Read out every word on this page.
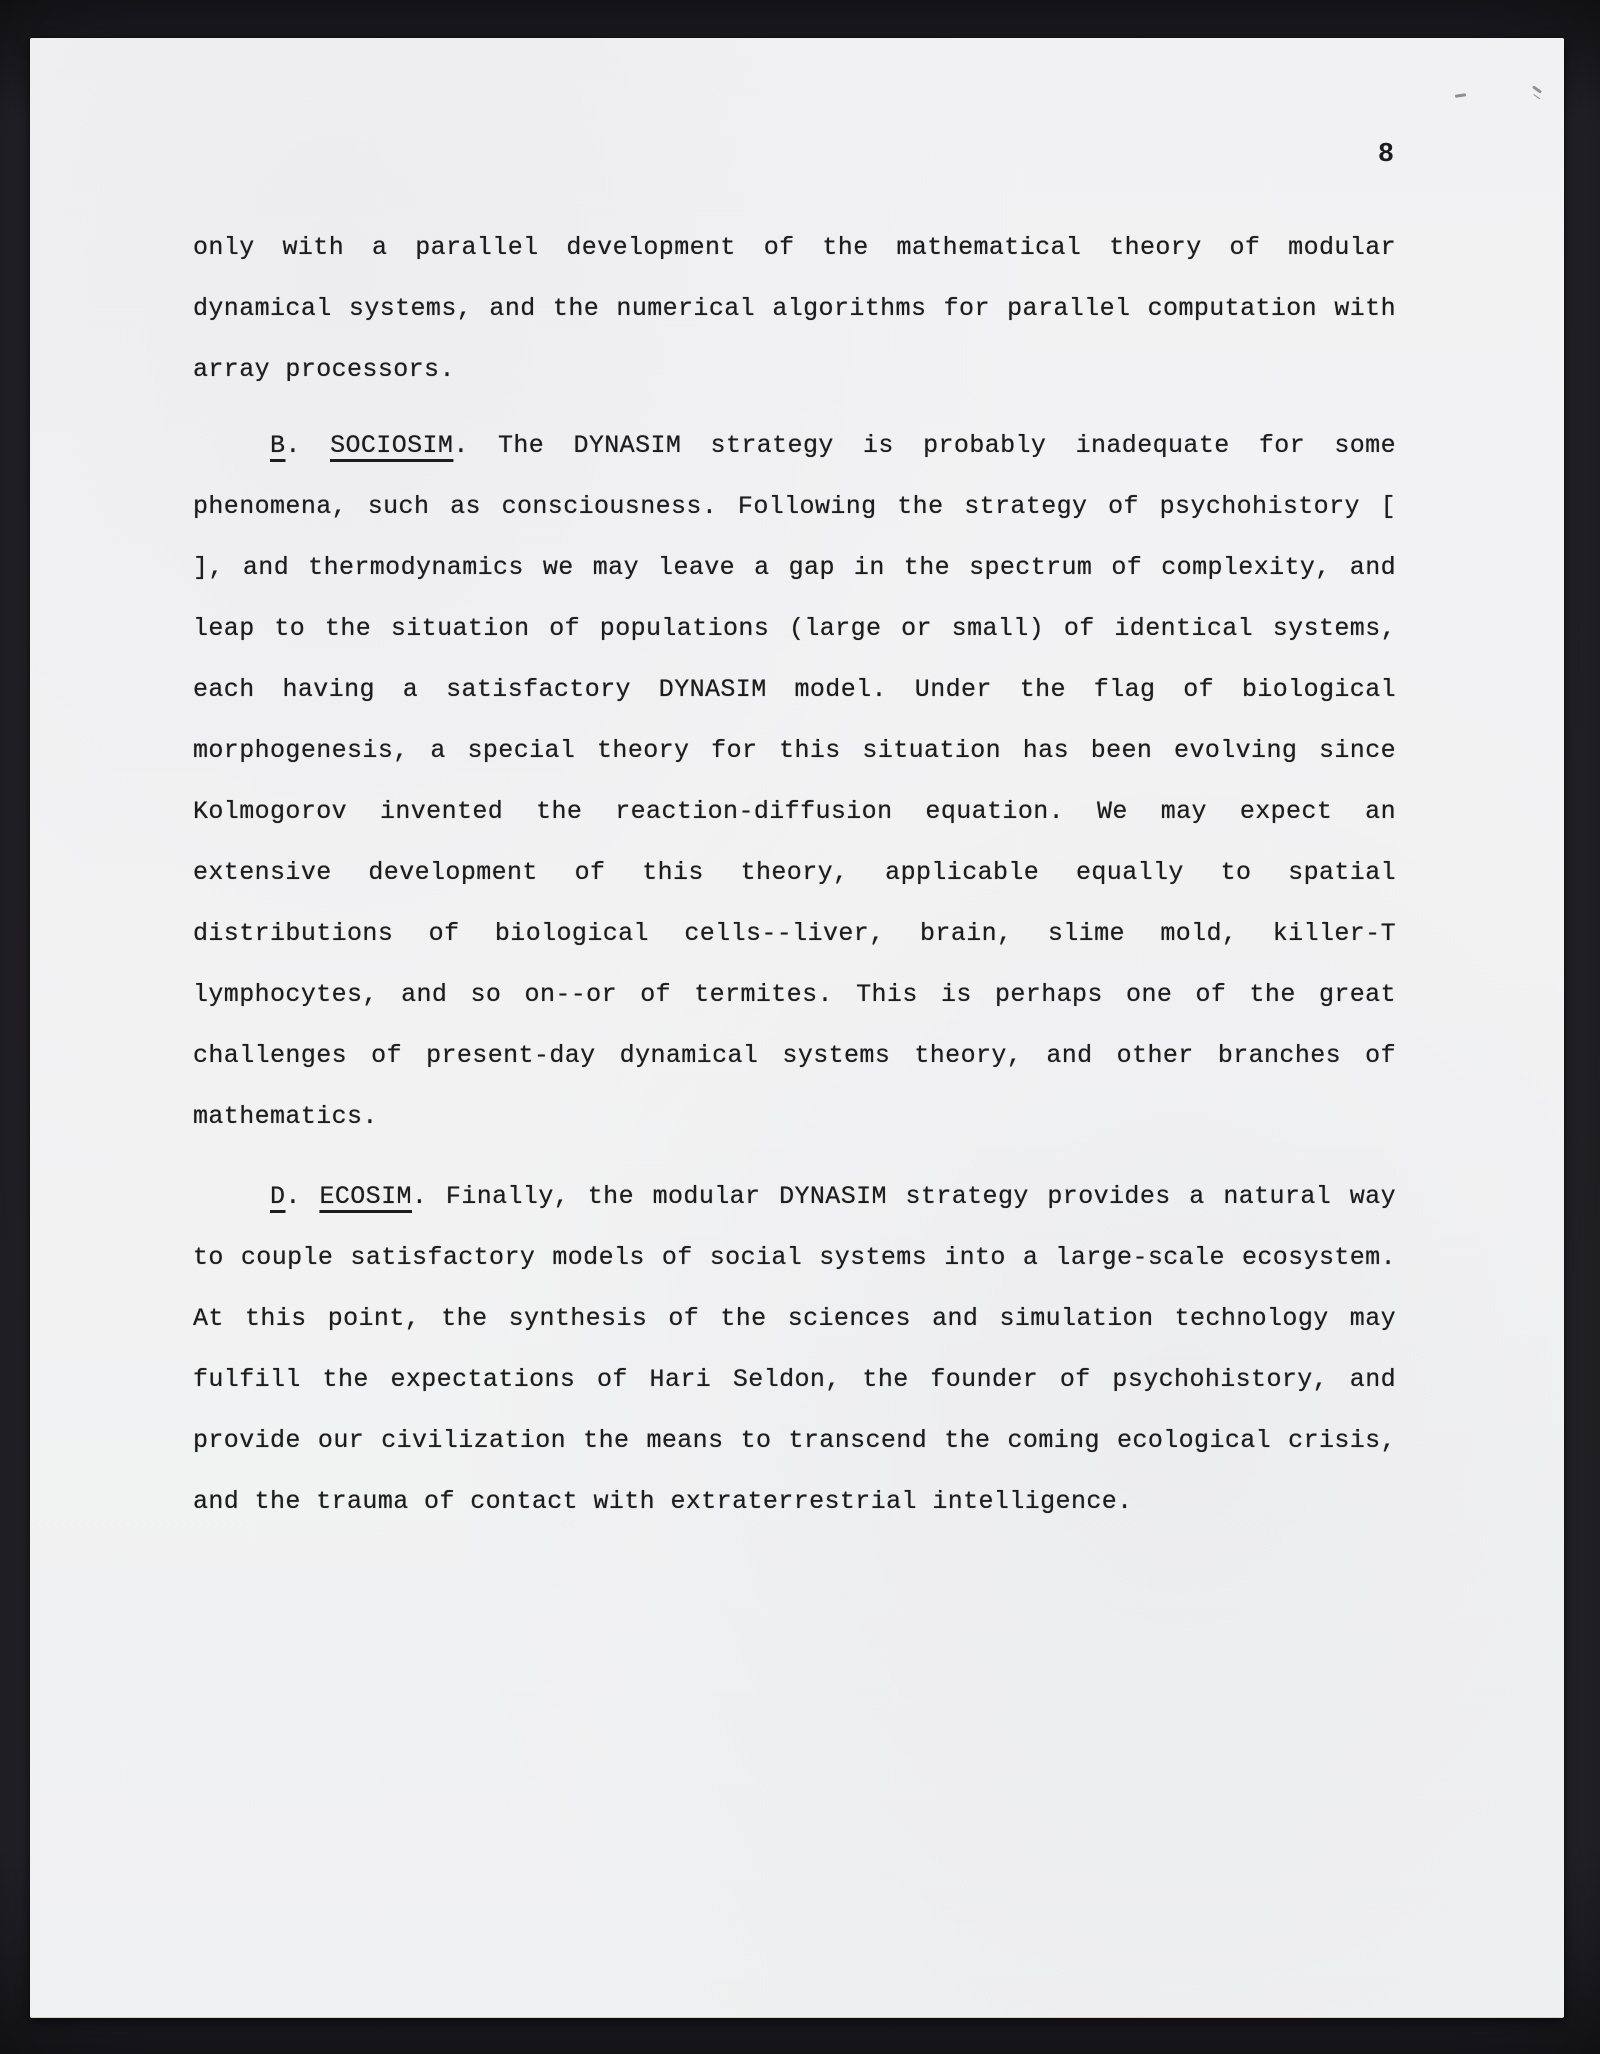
8
only with a parallel development of the mathematical theory of modular
dynamical systems, and the numerical algorithms for parallel computation with
array processors.
B. SOCIOSIM. The DYNASIM strategy is probably inadequate for some
phenomena, such as consciousness. Following the strategy of psychohistory [
], and thermodynamics we may leave a gap in the spectrum of complexity, and
leap to the situation of populations (large or small) of identical systems,
each having a satisfactory DYNASIM model. Under the flag of biological
morphogenesis, a special theory for this situation has been evolving since
Kolmogorov invented the reaction-diffusion equation. We may expect an
extensive development of this theory, applicable equally to spatial
distributions of biological cells--liver, brain, slime mold, killer-T
lymphocytes, and so on--or of termites. This is perhaps one of the great
challenges of present-day dynamical systems theory, and other branches of
mathematics.
D. ECOSIM. Finally, the modular DYNASIM strategy provides a natural way
to couple satisfactory models of social systems into a large-scale ecosystem.
At this point, the synthesis of the sciences and simulation technology may
fulfill the expectations of Hari Seldon, the founder of psychohistory, and
provide our civilization the means to transcend the coming ecological crisis,
and the trauma of contact with extraterrestrial intelligence.
